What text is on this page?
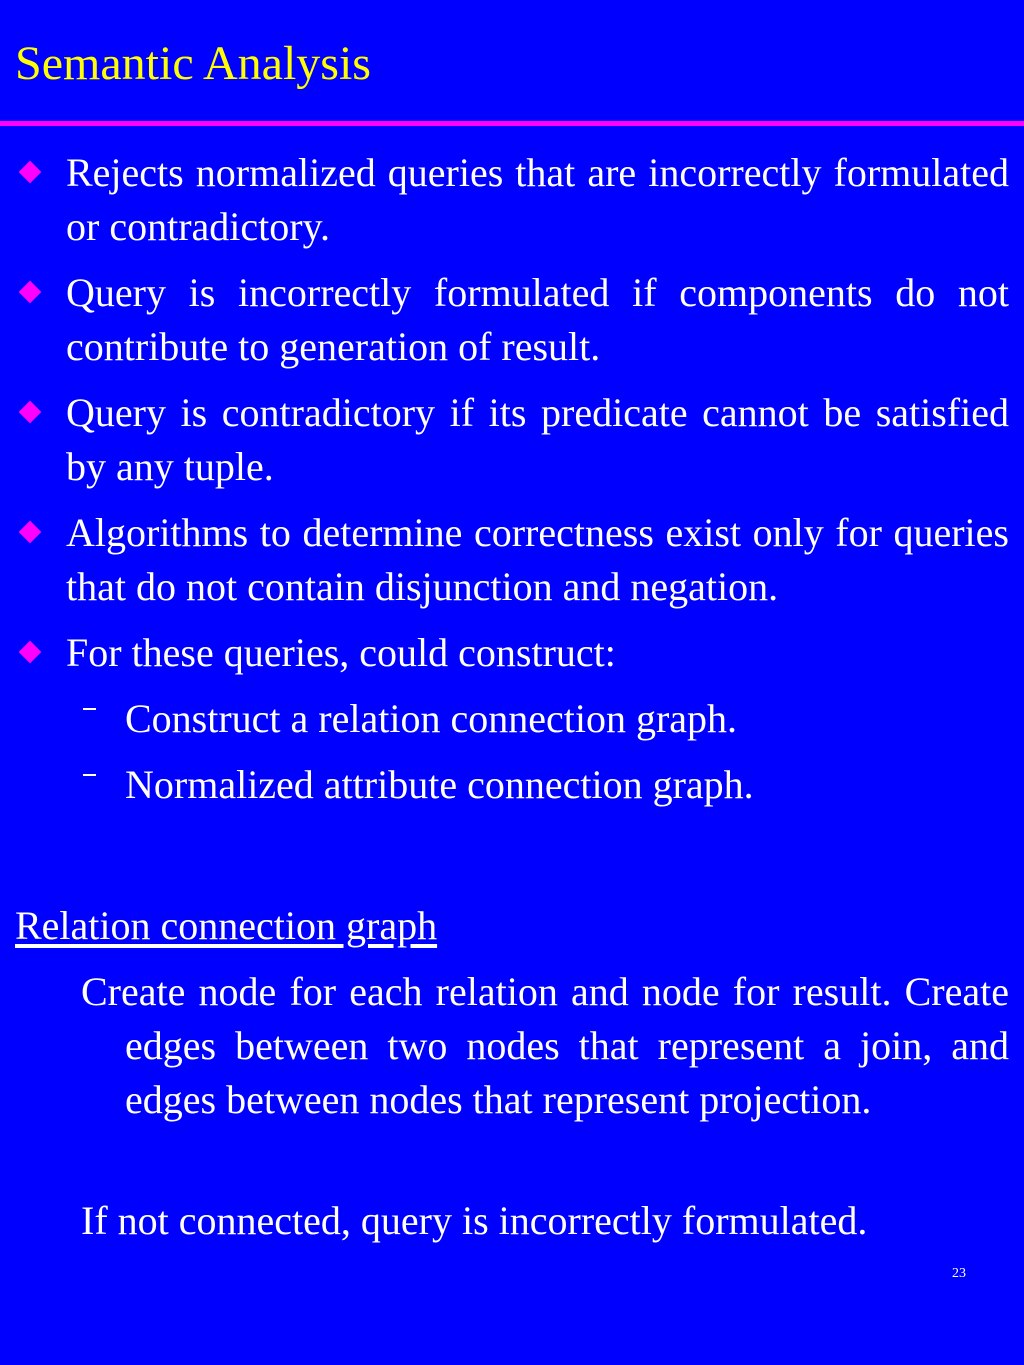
Semantic Analysis
Rejects normalized queries that are incorrectly formulated or contradictory.
Query is incorrectly formulated if components do not contribute to generation of result.
Query is contradictory if its predicate cannot be satisfied by any tuple.
Algorithms to determine correctness exist only for queries that do not contain disjunction and negation.
For these queries, could construct:
Construct a relation connection graph.
Normalized attribute connection graph.
Relation connection graph
Create node for each relation and node for result. Create edges between two nodes that represent a join, and edges between nodes that represent projection.
If not connected, query is incorrectly formulated.
23
